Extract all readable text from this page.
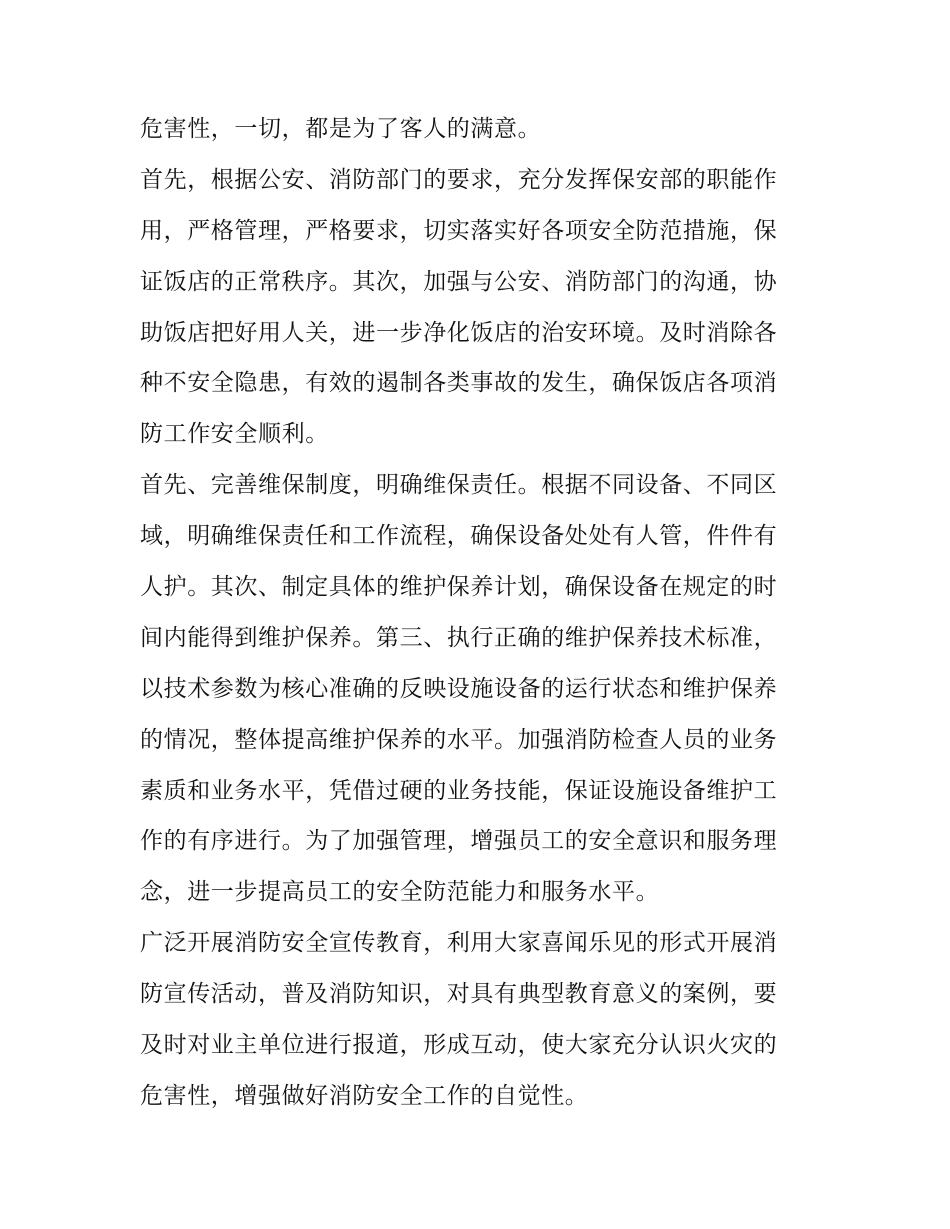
危害性，一切，都是为了客人的满意。
首先，根据公安、消防部门的要求，充分发挥保安部的职能作
用，严格管理，严格要求，切实落实好各项安全防范措施，保
证饭店的正常秩序。其次，加强与公安、消防部门的沟通，协
助饭店把好用人关，进一步净化饭店的治安环境。及时消除各
种不安全隐患，有效的遏制各类事故的发生，确保饭店各项消
防工作安全顺利。
首先、完善维保制度，明确维保责任。根据不同设备、不同区
域，明确维保责任和工作流程，确保设备处处有人管，件件有
人护。其次、制定具体的维护保养计划，确保设备在规定的时
间内能得到维护保养。第三、执行正确的维护保养技术标准，
以技术参数为核心准确的反映设施设备的运行状态和维护保养
的情况，整体提高维护保养的水平。加强消防检查人员的业务
素质和业务水平，凭借过硬的业务技能，保证设施设备维护工
作的有序进行。为了加强管理，增强员工的安全意识和服务理
念，进一步提高员工的安全防范能力和服务水平。
广泛开展消防安全宣传教育，利用大家喜闻乐见的形式开展消
防宣传活动，普及消防知识，对具有典型教育意义的案例，要
及时对业主单位进行报道，形成互动，使大家充分认识火灾的
危害性，增强做好消防安全工作的自觉性。
